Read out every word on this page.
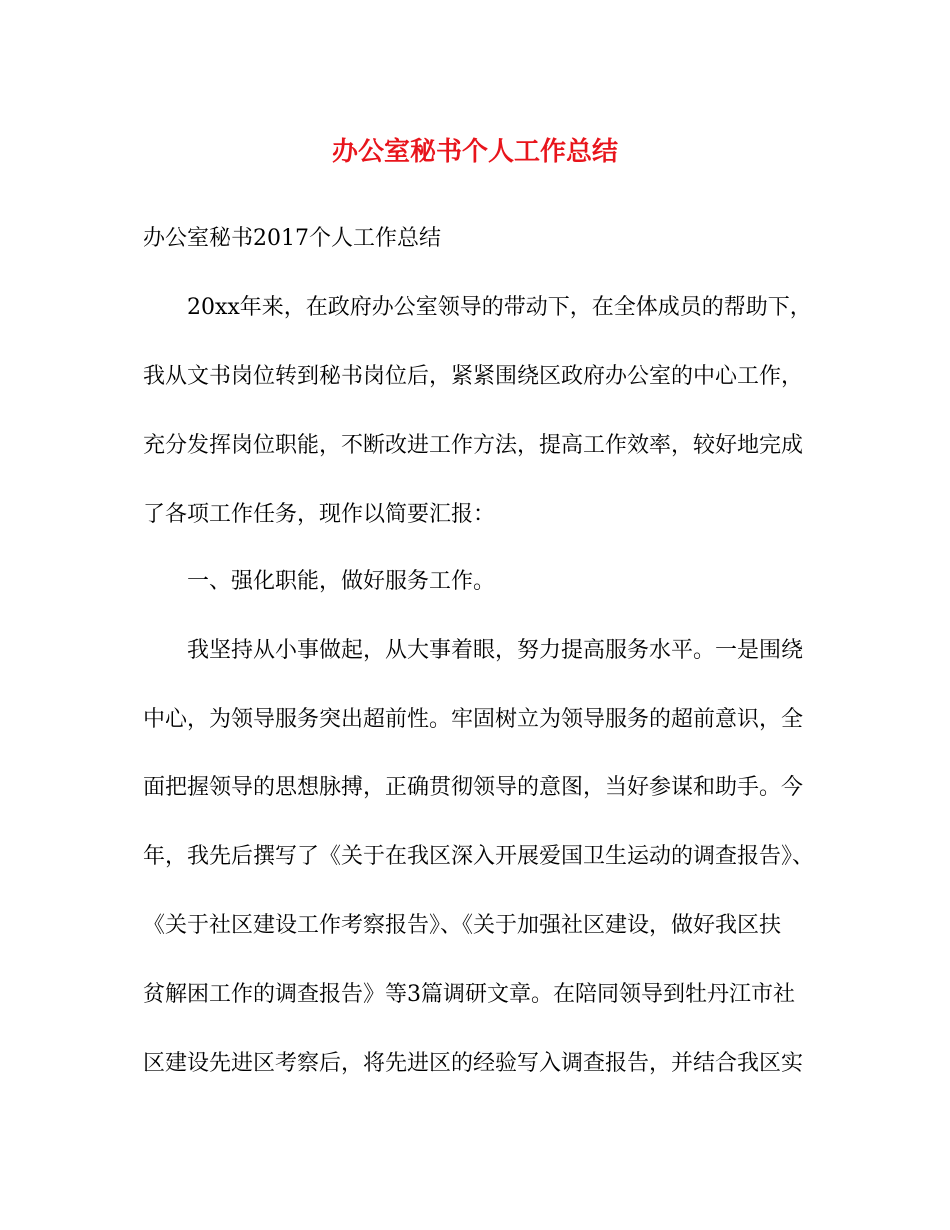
办公室秘书个人工作总结
办公室秘书2017个人工作总结
20xx年来，在政府办公室领导的带动下，在全体成员的帮助下，
我从文书岗位转到秘书岗位后，紧紧围绕区政府办公室的中心工作，
充分发挥岗位职能，不断改进工作方法，提高工作效率，较好地完成
了各项工作任务，现作以简要汇报：
一、强化职能，做好服务工作。
我坚持从小事做起，从大事着眼，努力提高服务水平。一是围绕
中心，为领导服务突出超前性。牢固树立为领导服务的超前意识，全
面把握领导的思想脉搏，正确贯彻领导的意图，当好参谋和助手。今
年，我先后撰写了《关于在我区深入开展爱国卫生运动的调查报告》、
《关于社区建设工作考察报告》、《关于加强社区建设，做好我区扶
贫解困工作的调查报告》等3篇调研文章。在陪同领导到牡丹江市社
区建设先进区考察后，将先进区的经验写入调查报告，并结合我区实
